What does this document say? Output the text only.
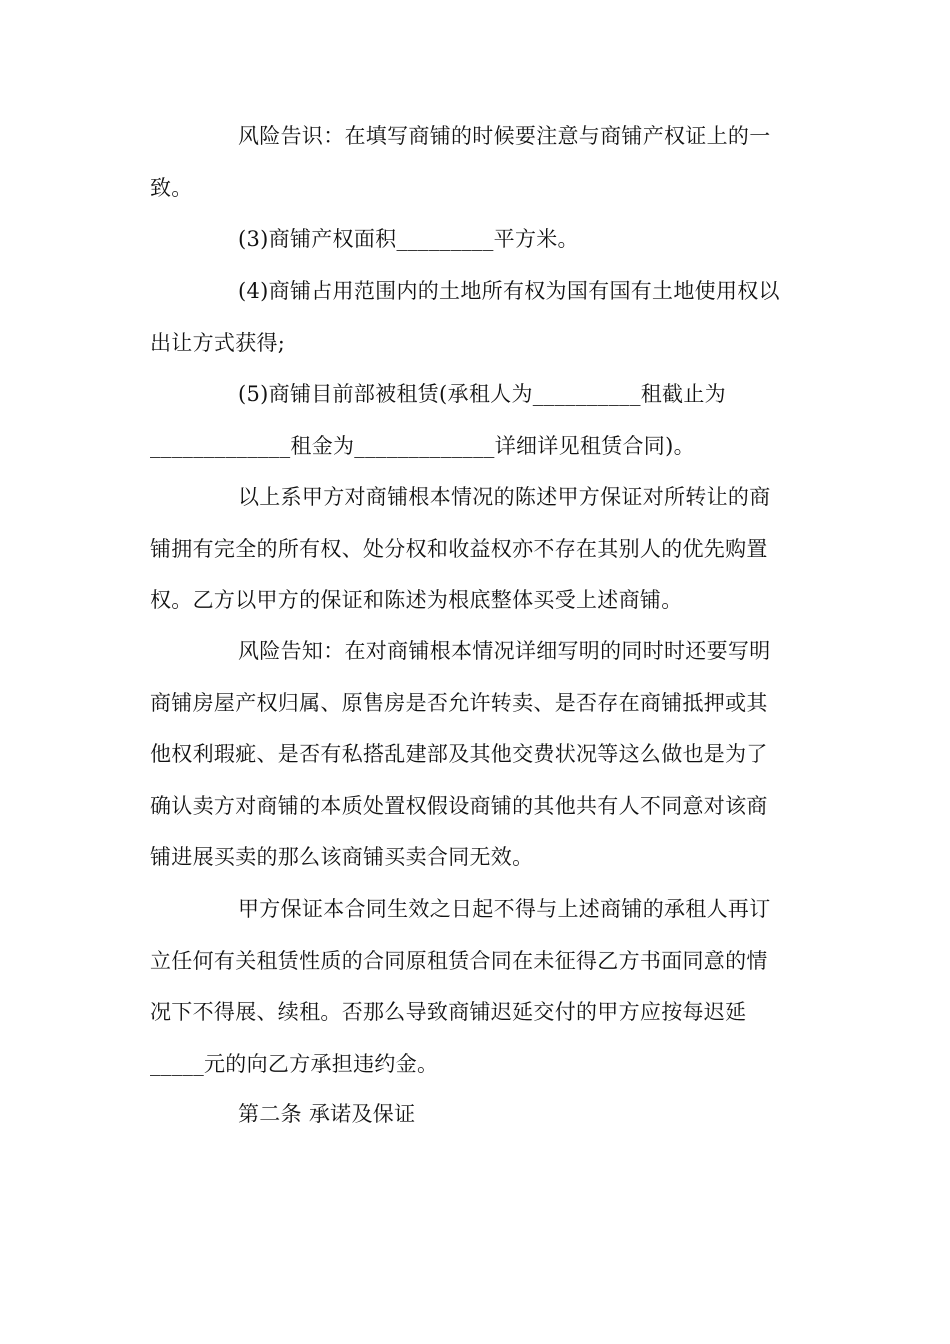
风险告识：在填写商铺的时候要注意与商铺产权证上的一
致。
(3)商铺产权面积_________平方米。
(4)商铺占用范围内的土地所有权为国有国有土地使用权以
出让方式获得;
(5)商铺目前部被租赁(承租人为__________租截止为
_____________租金为_____________详细详见租赁合同)。
以上系甲方对商铺根本情况的陈述甲方保证对所转让的商
铺拥有完全的所有权、处分权和收益权亦不存在其别人的优先购置
权。乙方以甲方的保证和陈述为根底整体买受上述商铺。
风险告知：在对商铺根本情况详细写明的同时时还要写明
商铺房屋产权归属、原售房是否允许转卖、是否存在商铺抵押或其
他权利瑕疵、是否有私搭乱建部及其他交费状况等这么做也是为了
确认卖方对商铺的本质处置权假设商铺的其他共有人不同意对该商
铺进展买卖的那么该商铺买卖合同无效。
甲方保证本合同生效之日起不得与上述商铺的承租人再订
立任何有关租赁性质的合同原租赁合同在未征得乙方书面同意的情
况下不得展、续租。否那么导致商铺迟延交付的甲方应按每迟延
_____元的向乙方承担违约金。
第二条 承诺及保证
